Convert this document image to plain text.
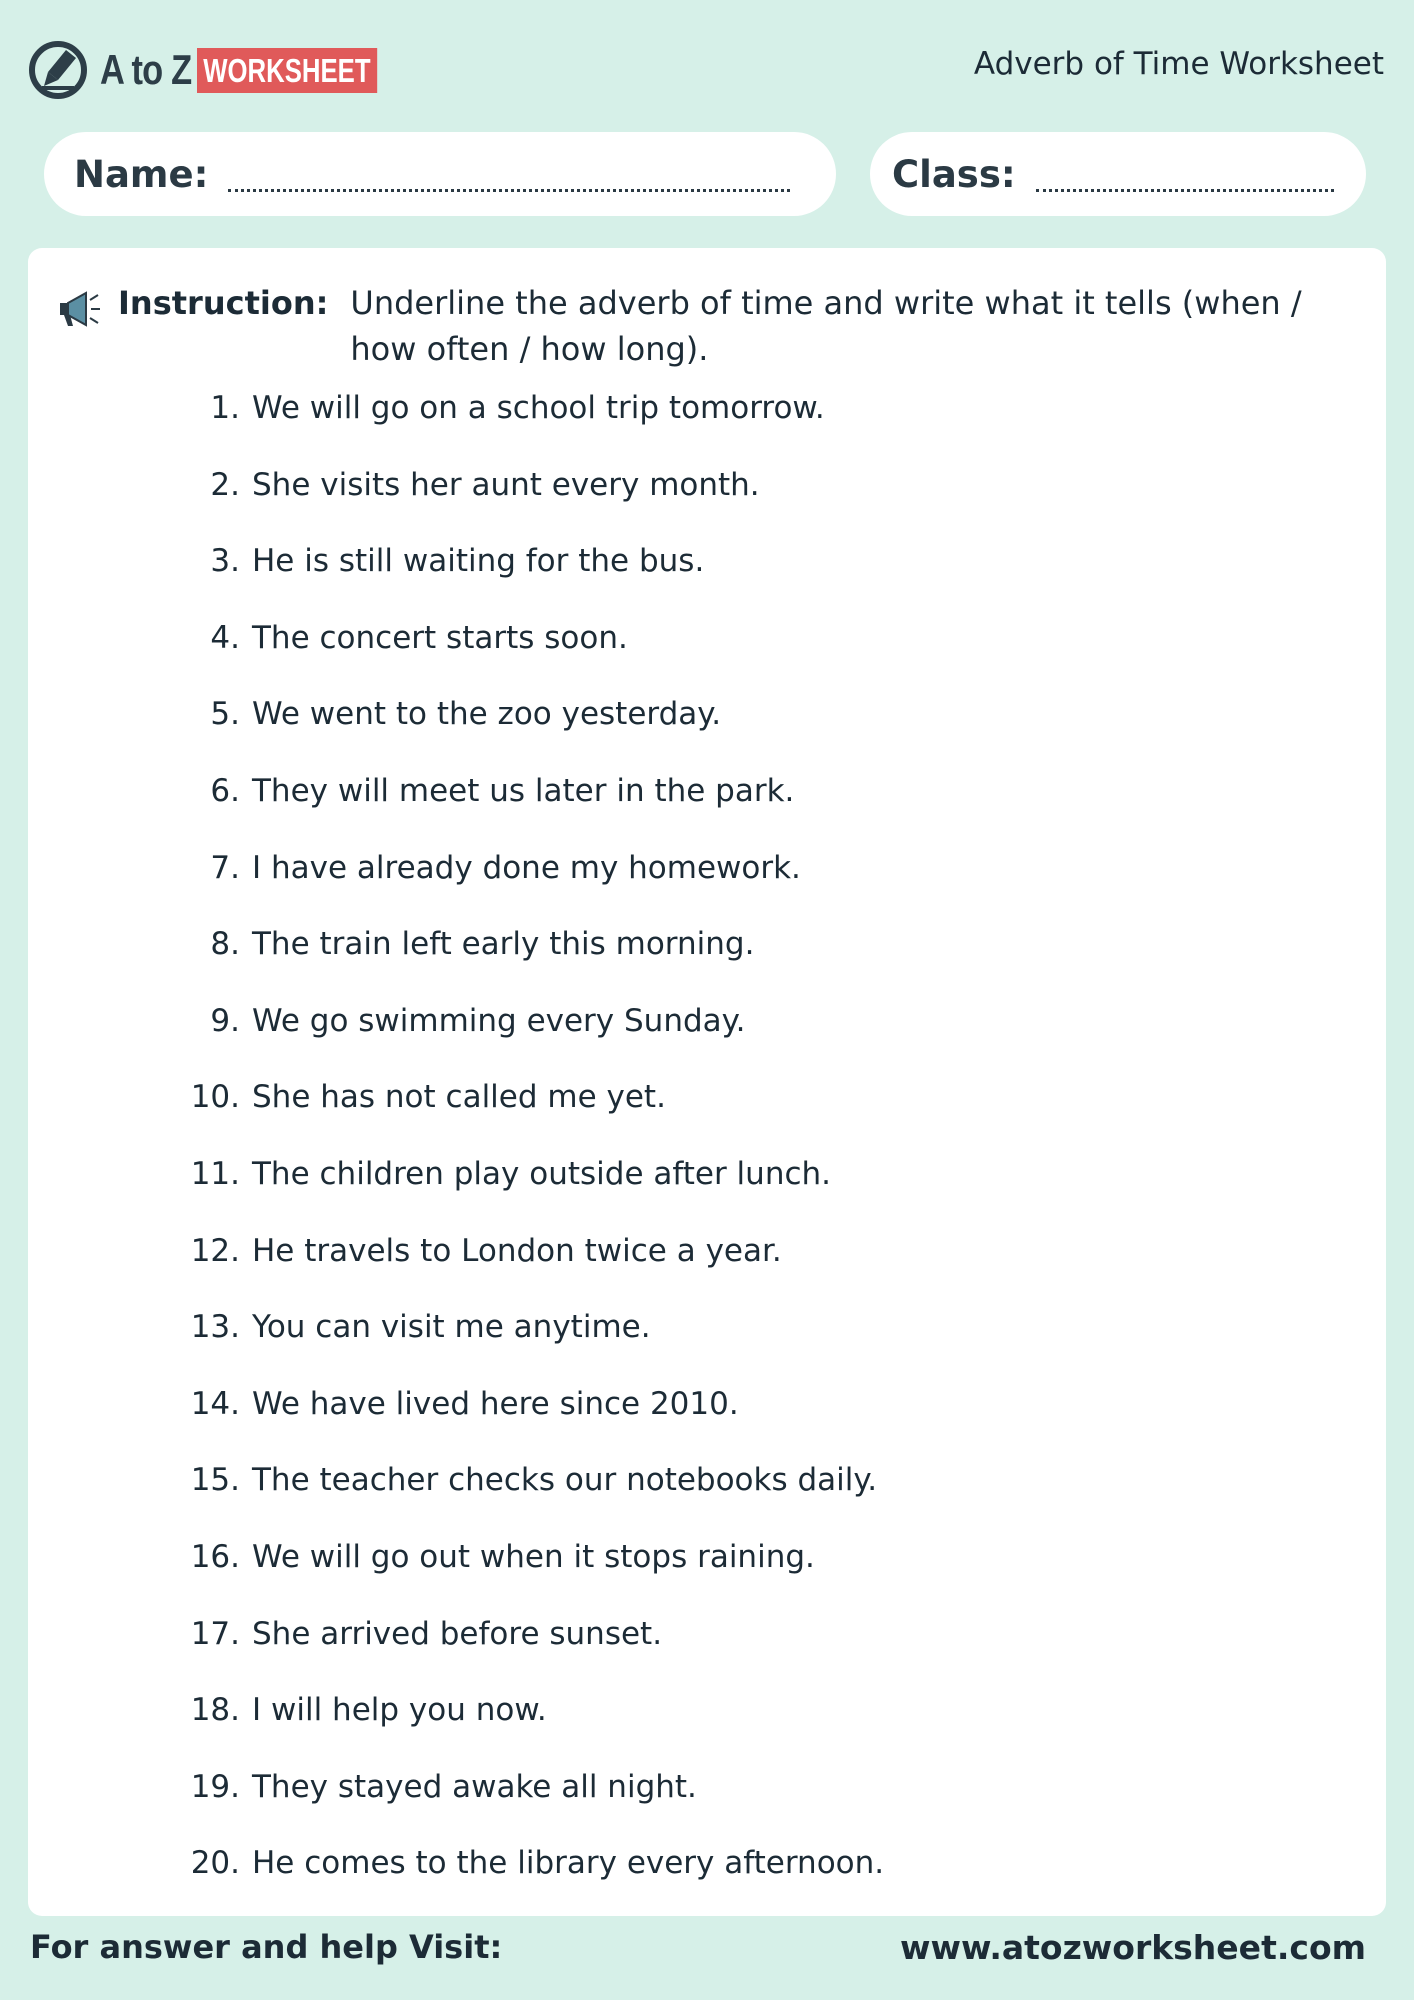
A to Z WORKSHEET	Adverb of Time Worksheet
Name:	Class:
Instruction: Underline the adverb of time and write what it tells (when / how often / how long).
1. We will go on a school trip tomorrow.
2. She visits her aunt every month.
3. He is still waiting for the bus.
4. The concert starts soon.
5. We went to the zoo yesterday.
6. They will meet us later in the park.
7. I have already done my homework.
8. The train left early this morning.
9. We go swimming every Sunday.
10. She has not called me yet.
11. The children play outside after lunch.
12. He travels to London twice a year.
13. You can visit me anytime.
14. We have lived here since 2010.
15. The teacher checks our notebooks daily.
16. We will go out when it stops raining.
17. She arrived before sunset.
18. I will help you now.
19. They stayed awake all night.
20. He comes to the library every afternoon.
For answer and help Visit:	www.atozworksheet.com
